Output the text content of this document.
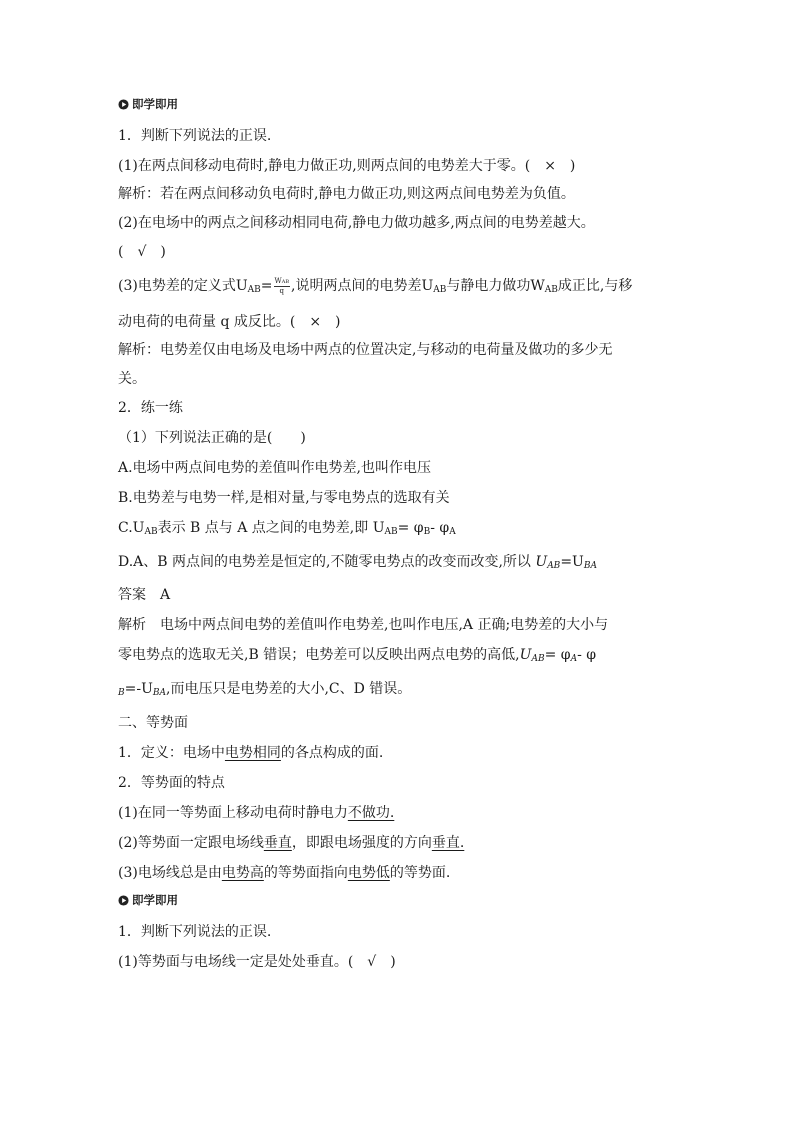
即学即用

1．判断下列说法的正误.

(1)在两点间移动电荷时,静电力做正功,则两点间的电势差大于零。(　×　)

解析：若在两点间移动负电荷时,静电力做正功,则这两点间电势差为负值。

(2)在电场中的两点之间移动相同电荷,静电力做功越多,两点间的电势差越大。

(　√　)

(3)电势差的定义式$U_{AB}= \frac{\text{WAB}}{q}$ ,说明两点间的电势差$U_{AB}$与静电力做功$W_{AB}$成正比,与移

动电荷的电荷量 q 成反比。(　×　)

解析：电势差仅由电场及电场中两点的位置决定,与移动的电荷量及做功的多少无

关。

2．练一练

（1）下列说法正确的是(　　)

A.电场中两点间电势的差值叫作电势差,也叫作电压

B.电势差与电势一样,是相对量,与零电势点的选取有关

$C.U_{AB}$表示 B 点与 A 点之间的电势差,即 $U_{AB}= \varphi_B-$ $\varphi_A$

D.A、B 两点间的电势差是恒定的,不随零电势点的改变而改变,所以 $U_{AB}=U_{BA}$

答案　A

解析　电场中两点间电势的差值叫作电势差,也叫作电压,A 正确;电势差的大小与

零电势点的选取无关,B 错误；电势差可以反映出两点电势的高低$,U_{AB}= \varphi_A-$ φ

$_B=-U_{BA}$,而电压只是电势差的大小,C、D 错误。

二、等势面

1．定义：电场中电势相同的各点构成的面.

2．等势面的特点

(1)在同一等势面上移动电荷时静电力不做功.

(2)等势面一定跟电场线垂直，即跟电场强度的方向垂直.

(3)电场线总是由电势高的等势面指向电势低的等势面.

即学即用

1．判断下列说法的正误.

(1)等势面与电场线一定是处处垂直。(　√　)
